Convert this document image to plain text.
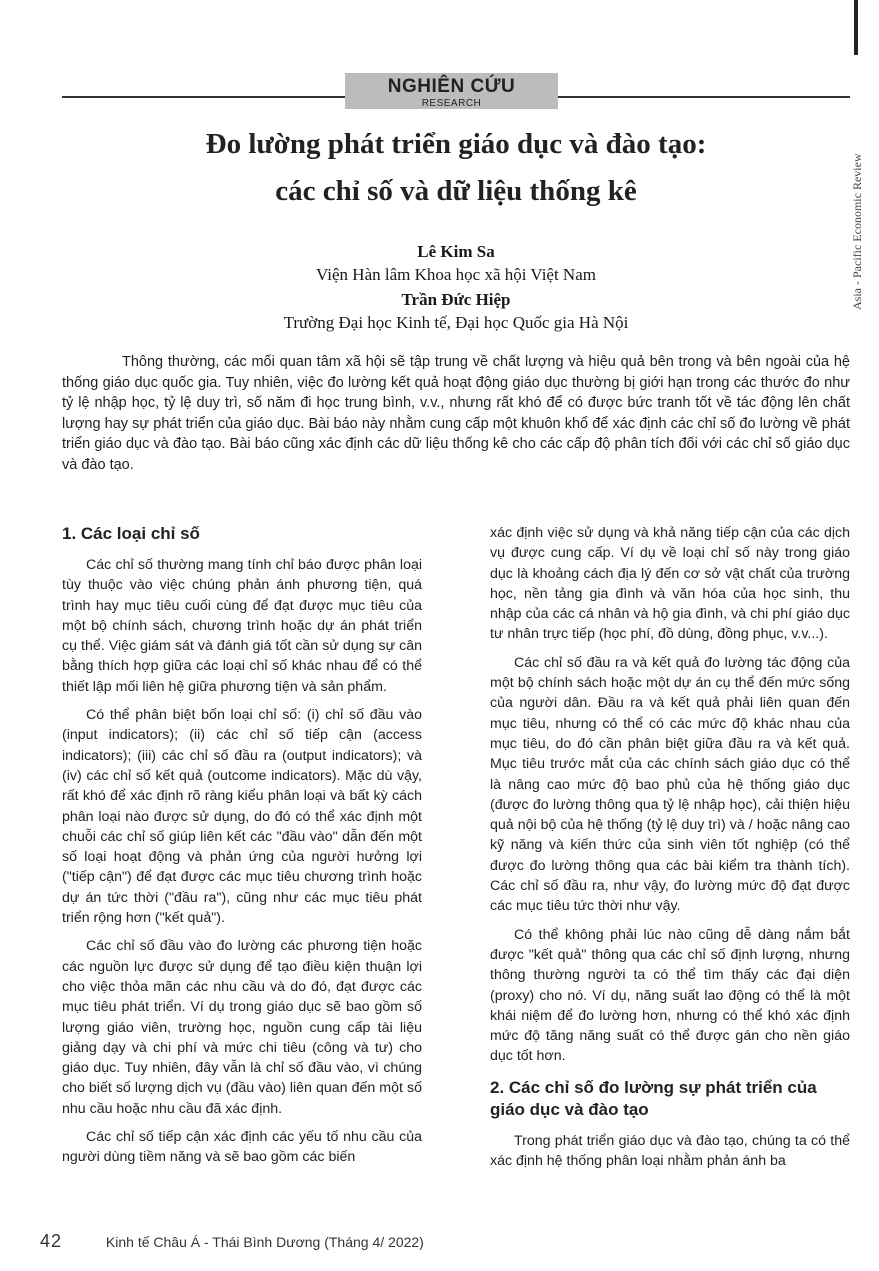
Asia - Pacific Economic Review
NGHIÊN CỨU
RESEARCH
Đo lường phát triển giáo dục và đào tạo:
các chỉ số và dữ liệu thống kê
Lê Kim Sa
Viện Hàn lâm Khoa học xã hội Việt Nam
Trần Đức Hiệp
Trường Đại học Kinh tế, Đại học Quốc gia Hà Nội

Thông thường, các mối quan tâm xã hội sẽ tập trung về chất lượng và hiệu quả bên trong và bên ngoài của hệ thống giáo dục quốc gia. Tuy nhiên, việc đo lường kết quả hoạt động giáo dục thường bị giới hạn trong các thước đo như tỷ lệ nhập học, tỷ lệ duy trì, số năm đi học trung bình, v.v., nhưng rất khó để có được bức tranh tốt về tác động lên chất lượng hay sự phát triển của giáo dục. Bài báo này nhằm cung cấp một khuôn khổ để xác định các chỉ số đo lường về phát triển giáo dục và đào tạo. Bài báo cũng xác định các dữ liệu thống kê cho các cấp độ phân tích đối với các chỉ số giáo dục và đào tạo.

1. Các loại chỉ số

Các chỉ số thường mang tính chỉ báo được phân loại tùy thuộc vào việc chúng phản ánh phương tiện, quá trình hay mục tiêu cuối cùng để đạt được mục tiêu của một bộ chính sách, chương trình hoặc dự án phát triển cụ thể. Việc giám sát và đánh giá tốt cần sử dụng sự cân bằng thích hợp giữa các loại chỉ số khác nhau để có thể thiết lập mối liên hệ giữa phương tiện và sản phẩm.

Có thể phân biệt bốn loại chỉ số: (i) chỉ số đầu vào (input indicators); (ii) các chỉ số tiếp cận (access indicators); (iii) các chỉ số đầu ra (output indicators); và (iv) các chỉ số kết quả (outcome indicators). Mặc dù vậy, rất khó để xác định rõ ràng kiểu phân loại và bất kỳ cách phân loại nào được sử dụng, do đó có thể xác định một chuỗi các chỉ số giúp liên kết các "đầu vào" dẫn đến một số loại hoạt động và phản ứng của người hưởng lợi ("tiếp cận") để đạt được các mục tiêu chương trình hoặc dự án tức thời ("đầu ra"), cũng như các mục tiêu phát triển rộng hơn ("kết quả").

Các chỉ số đầu vào đo lường các phương tiện hoặc các nguồn lực được sử dụng để tạo điều kiện thuận lợi cho việc thỏa mãn các nhu cầu và do đó, đạt được các mục tiêu phát triển. Ví dụ trong giáo dục sẽ bao gồm số lượng giáo viên, trường học, nguồn cung cấp tài liệu giảng dạy và chi phí và mức chi tiêu (công và tư) cho giáo dục. Tuy nhiên, đây vẫn là chỉ số đầu vào, vì chúng cho biết số lượng dịch vụ (đầu vào) liên quan đến một số nhu cầu hoặc nhu cầu đã xác định.

Các chỉ số tiếp cận xác định các yếu tố nhu cầu của người dùng tiềm năng và sẽ bao gồm các biến

xác định việc sử dụng và khả năng tiếp cận của các dịch vụ được cung cấp. Ví dụ về loại chỉ số này trong giáo dục là khoảng cách địa lý đến cơ sở vật chất của trường học, nền tảng gia đình và văn hóa của học sinh, thu nhập của các cá nhân và hộ gia đình, và chi phí giáo dục tư nhân trực tiếp (học phí, đồ dùng, đồng phục, v.v...).

Các chỉ số đầu ra và kết quả đo lường tác động của một bộ chính sách hoặc một dự án cụ thể đến mức sống của người dân. Đầu ra và kết quả phải liên quan đến mục tiêu, nhưng có thể có các mức độ khác nhau của mục tiêu, do đó cần phân biệt giữa đầu ra và kết quả. Mục tiêu trước mắt của các chính sách giáo dục có thể là nâng cao mức độ bao phủ của hệ thống giáo dục (được đo lường thông qua tỷ lệ nhập học), cải thiện hiệu quả nội bộ của hệ thống (tỷ lệ duy trì) và / hoặc nâng cao kỹ năng và kiến thức của sinh viên tốt nghiệp (có thể được đo lường thông qua các bài kiểm tra thành tích). Các chỉ số đầu ra, như vậy, đo lường mức độ đạt được các mục tiêu tức thời như vậy.

Có thể không phải lúc nào cũng dễ dàng nắm bắt được "kết quả" thông qua các chỉ số định lượng, nhưng thông thường người ta có thể tìm thấy các đại diện (proxy) cho nó. Ví dụ, năng suất lao động có thể là một khái niệm để đo lường hơn, nhưng có thể khó xác định mức độ tăng năng suất có thể được gán cho nền giáo dục tốt hơn.

2. Các chỉ số đo lường sự phát triển của giáo dục và đào tạo

Trong phát triển giáo dục và đào tạo, chúng ta có thể xác định hệ thống phân loại nhằm phản ánh ba

42	Kinh tế Châu Á - Thái Bình Dương (Tháng 4/ 2022)
